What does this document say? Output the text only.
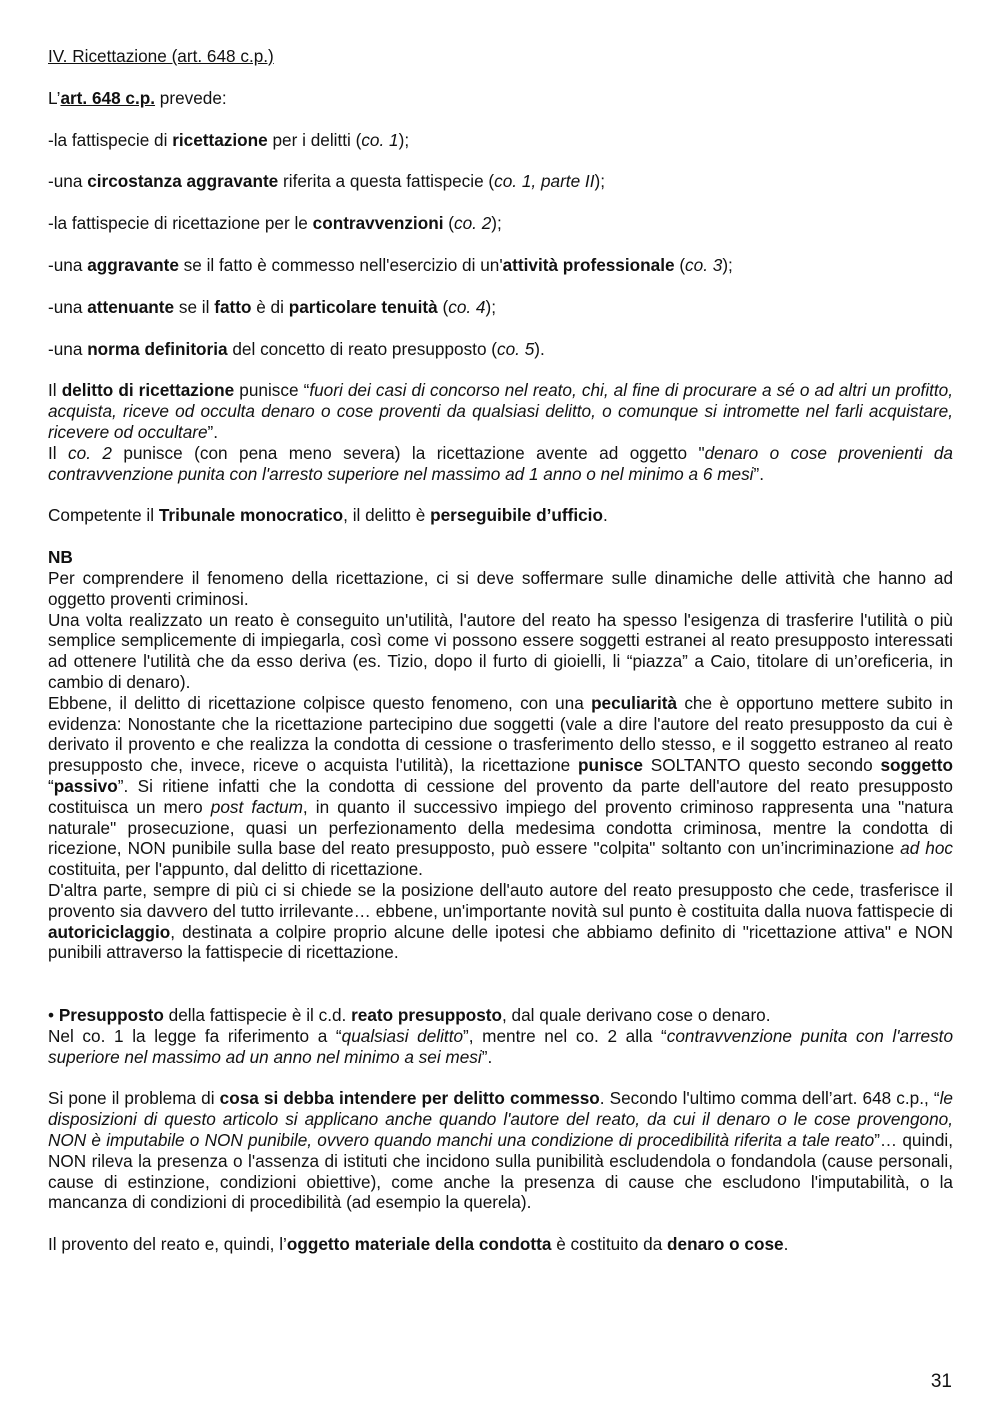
IV. Ricettazione (art. 648 c.p.)

L’art. 648 c.p. prevede:

-la fattispecie di ricettazione per i delitti (co. 1);

-una circostanza aggravante riferita a questa fattispecie (co. 1, parte II);

-la fattispecie di ricettazione per le contravvenzioni (co. 2);

-una aggravante se il fatto è commesso nell'esercizio di un'attività professionale (co. 3);

-una attenuante se il fatto è di particolare tenuità (co. 4);

-una norma definitoria del concetto di reato presupposto (co. 5).

Il delitto di ricettazione punisce “fuori dei casi di concorso nel reato, chi, al fine di procurare a sé o ad altri un profitto, acquista, riceve od occulta denaro o cose proventi da qualsiasi delitto, o comunque si intromette nel farli acquistare, ricevere od occultare”.

Il co. 2 punisce (con pena meno severa) la ricettazione avente ad oggetto "denaro o cose provenienti da contravvenzione punita con l'arresto superiore nel massimo ad 1 anno o nel minimo a 6 mesi”.

Competente il Tribunale monocratico, il delitto è perseguibile d’ufficio.

NB

Per comprendere il fenomeno della ricettazione, ci si deve soffermare sulle dinamiche delle attività che hanno ad oggetto proventi criminosi.

Una volta realizzato un reato è conseguito un'utilità, l'autore del reato ha spesso l'esigenza di trasferire l'utilità o più semplice semplicemente di impiegarla, così come vi possono essere soggetti estranei al reato presupposto interessati ad ottenere l'utilità che da esso deriva (es. Tizio, dopo il furto di gioielli, li “piazza” a Caio, titolare di un’oreficeria, in cambio di denaro).

Ebbene, il delitto di ricettazione colpisce questo fenomeno, con una peculiarità che è opportuno mettere subito in evidenza: Nonostante che la ricettazione partecipino due soggetti (vale a dire l'autore del reato presupposto da cui è derivato il provento e che realizza la condotta di cessione o trasferimento dello stesso, e il soggetto estraneo al reato presupposto che, invece, riceve o acquista l'utilità), la ricettazione punisce SOLTANTO questo secondo soggetto “passivo”. Si ritiene infatti che la condotta di cessione del provento da parte dell'autore del reato presupposto costituisca un mero post factum, in quanto il successivo impiego del provento criminoso rappresenta una "natura naturale" prosecuzione, quasi un perfezionamento della medesima condotta criminosa, mentre la condotta di ricezione, NON punibile sulla base del reato presupposto, può essere "colpita" soltanto con un’incriminazione ad hoc costituita, per l'appunto, dal delitto di ricettazione.

D'altra parte, sempre di più ci si chiede se la posizione dell'auto autore del reato presupposto che cede, trasferisce il provento sia davvero del tutto irrilevante… ebbene, un'importante novità sul punto è costituita dalla nuova fattispecie di autoriciclaggio, destinata a colpire proprio alcune delle ipotesi che abbiamo definito di "ricettazione attiva" e NON punibili attraverso la fattispecie di ricettazione.

• Presupposto della fattispecie è il c.d. reato presupposto, dal quale derivano cose o denaro.

Nel co. 1 la legge fa riferimento a “qualsiasi delitto”, mentre nel co. 2 alla “contravvenzione punita con l'arresto superiore nel massimo ad un anno nel minimo a sei mesi”.

Si pone il problema di cosa si debba intendere per delitto commesso. Secondo l'ultimo comma dell’art. 648 c.p., “le disposizioni di questo articolo si applicano anche quando l'autore del reato, da cui il denaro o le cose provengono, NON è imputabile o NON punibile, ovvero quando manchi una condizione di procedibilità riferita a tale reato”… quindi, NON rileva la presenza o l'assenza di istituti che incidono sulla punibilità escludendola o fondandola (cause personali, cause di estinzione, condizioni obiettive), come anche la presenza di cause che escludono l'imputabilità, o la mancanza di condizioni di procedibilità (ad esempio la querela).

Il provento del reato e, quindi, l’oggetto materiale della condotta è costituito da denaro o cose.

31
